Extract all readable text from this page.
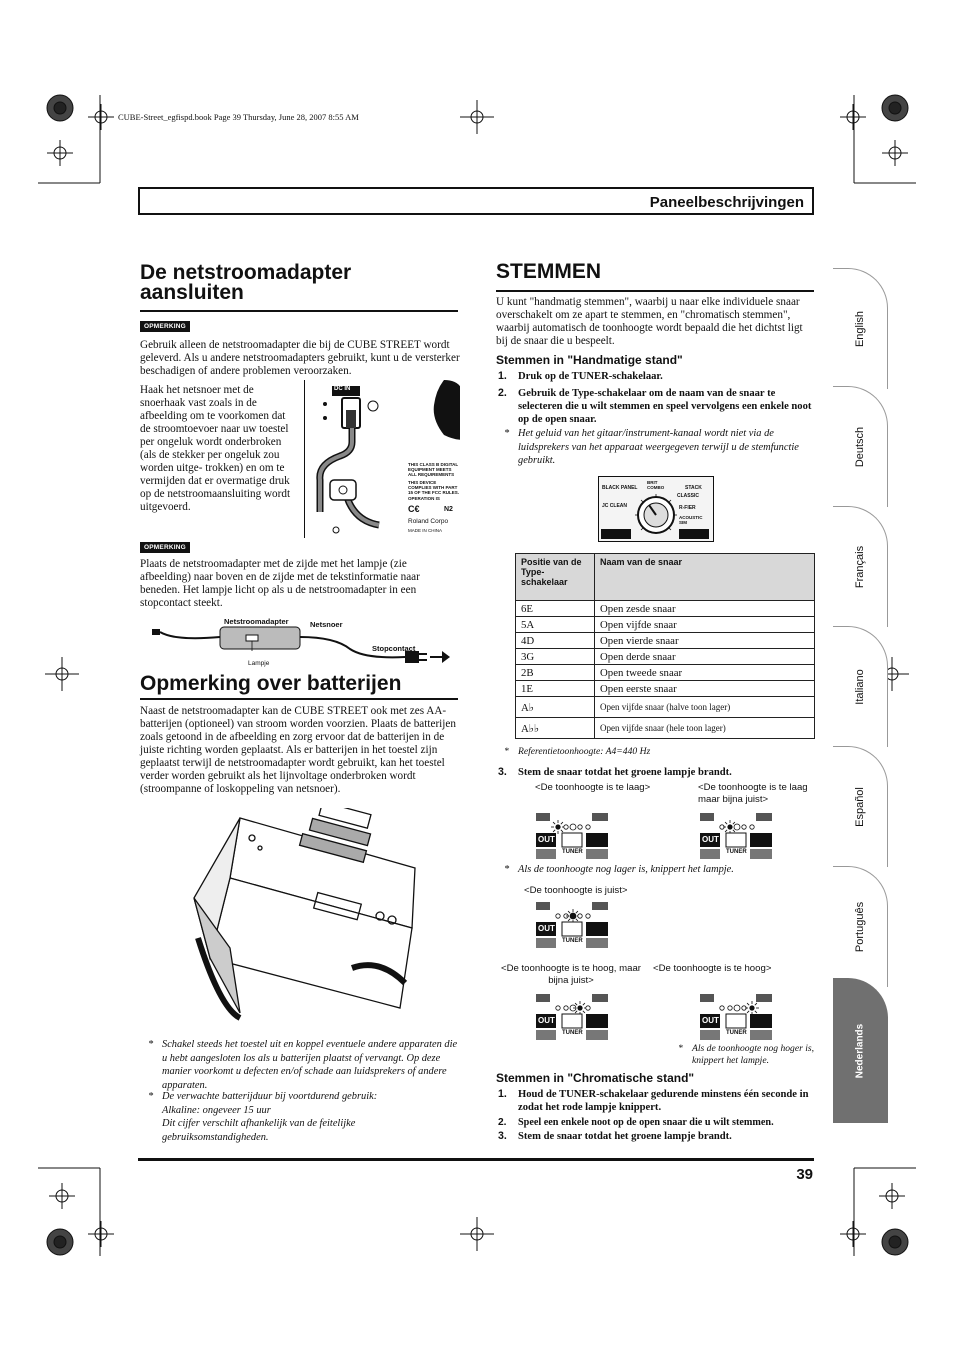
CUBE-Street_egfispd.book Page 39 Thursday, June 28, 2007 8:55 AM
Paneelbeschrijvingen
De netstroomadapter
aansluiten
OPMERKING
Gebruik alleen de netstroomadapter die bij de CUBE STREET wordt geleverd. Als u andere netstroomadapters gebruikt, kunt u de versterker beschadigen of andere problemen veroorzaken.
Haak het netsnoer met de snoerhaak vast zoals in de afbeelding om te voorkomen dat de stroomtoevoer naar uw toestel per ongeluk wordt onderbroken (als de stekker per ongeluk zou worden uitge- trokken) en om te vermijden dat er overmatige druk op de netstroomaansluiting wordt uitgevoerd.
DC IN
THIS CLASS B DIGITAL EQUIPMENT MEETS ALL REQUIREMENTS
THIS DEVICE COMPLIES WITH PART 15 OF THE FCC RULES. OPERATION IS
C€	N2
Roland Corpo
MADE IN CHINA
OPMERKING
Plaats de netstroomadapter met de zijde met het lampje (zie afbeelding) naar boven en de zijde met de tekstinformatie naar beneden. Het lampje licht op als u de netstroomadapter in een stopcontact steekt.
Netstroomadapter	Netsnoer
Stopcontact
Lampje
Opmerking over batterijen
Naast de netstroomadapter kan de CUBE STREET ook met zes AA-batterijen (optioneel) van stroom worden voorzien. Plaats de batterijen zoals getoond in de afbeelding en zorg ervoor dat de batterijen in de juiste richting worden geplaatst. Als er batterijen in het toestel zijn geplaatst terwijl de netstroomadapter wordt gebruikt, kan het toestel verder worden gebruikt als het lijnvoltage onderbroken wordt (stroompanne of loskoppeling van netsnoer).
* Schakel steeds het toestel uit en koppel eventuele andere apparaten die u hebt aangesloten los als u batterijen plaatst of vervangt. Op deze manier voorkomt u defecten en/of schade aan luidsprekers of andere apparaten.
* De verwachte batterijduur bij voortdurend gebruik:
Alkaline: ongeveer 15 uur
Dit cijfer verschilt afhankelijk van de feitelijke gebruiksomstandigheden.
STEMMEN
U kunt "handmatig stemmen", waarbij u naar elke individuele snaar overschakelt om ze apart te stemmen, en "chromatisch stemmen", waarbij automatisch de toonhoogte wordt bepaald die het dichtst ligt bij de snaar die u bespeelt.
Stemmen in "Handmatige stand"
1. Druk op de TUNER-schakelaar.
2. Gebruik de Type-schakelaar om de naam van de snaar te selecteren die u wilt stemmen en speel vervolgens een enkele noot op de open snaar.
* Het geluid van het gitaar/instrument-kanaal wordt niet via de luidsprekers van het apparaat weergegeven terwijl u de stemfunctie gebruikt.
BLACK PANEL
BRIT COMBO	STACK
JC CLEAN
CLASSIC
R-FIER
ACOUSTIC SIM
Positie van de Type-schakelaar	Naam van de snaar
6E	Open zesde snaar
5A	Open vijfde snaar
4D	Open vierde snaar
3G	Open derde snaar
2B	Open tweede snaar
1E	Open eerste snaar
A♭	Open vijfde snaar (halve toon lager)
A♭♭	Open vijfde snaar (hele toon lager)
* Referentietoonhoogte: A4=440 Hz
3. Stem de snaar totdat het groene lampje brandt.
<De toonhoogte is te laag>	<De toonhoogte is te laag maar bijna juist>
OUT
TUNER
OUT
TUNER
* Als de toonhoogte nog lager is, knippert het lampje.
<De toonhoogte is juist>
OUT
TUNER
<De toonhoogte is te hoog, maar bijna juist>
<De toonhoogte is te hoog>
OUT
TUNER
OUT
TUNER
* Als de toonhoogte nog hoger is, knippert het lampje.
Stemmen in "Chromatische stand"
1. Houd de TUNER-schakelaar gedurende minstens één seconde in zodat het rode lampje knippert.
2. Speel een enkele noot op de open snaar die u wilt stemmen.
3. Stem de snaar totdat het groene lampje brandt.
English
Deutsch
Français
Italiano
Español
Português
Nederlands
39
